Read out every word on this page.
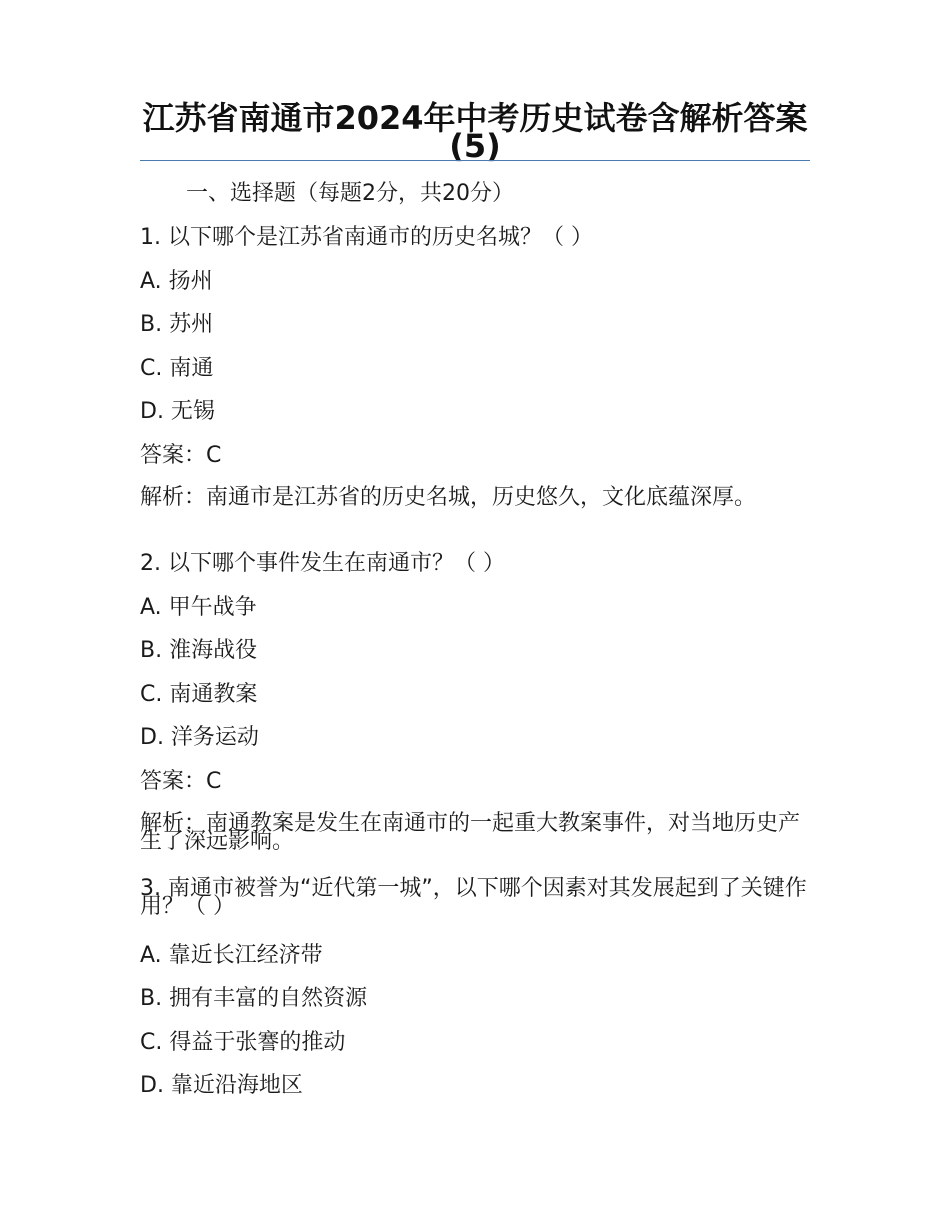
江苏省南通市2024年中考历史试卷含解析答案(5)
一、选择题（每题2分，共20分）
1. 以下哪个是江苏省南通市的历史名城？（ ）
A. 扬州
B. 苏州
C. 南通
D. 无锡
答案：C
解析：南通市是江苏省的历史名城，历史悠久，文化底蕴深厚。
2. 以下哪个事件发生在南通市？（ ）
A. 甲午战争
B. 淮海战役
C. 南通教案
D. 洋务运动
答案：C
解析：南通教案是发生在南通市的一起重大教案事件，对当地历史产生了深远影响。
3. 南通市被誉为“近代第一城”，以下哪个因素对其发展起到了关键作用？（ ）
A. 靠近长江经济带
B. 拥有丰富的自然资源
C. 得益于张謇的推动
D. 靠近沿海地区
